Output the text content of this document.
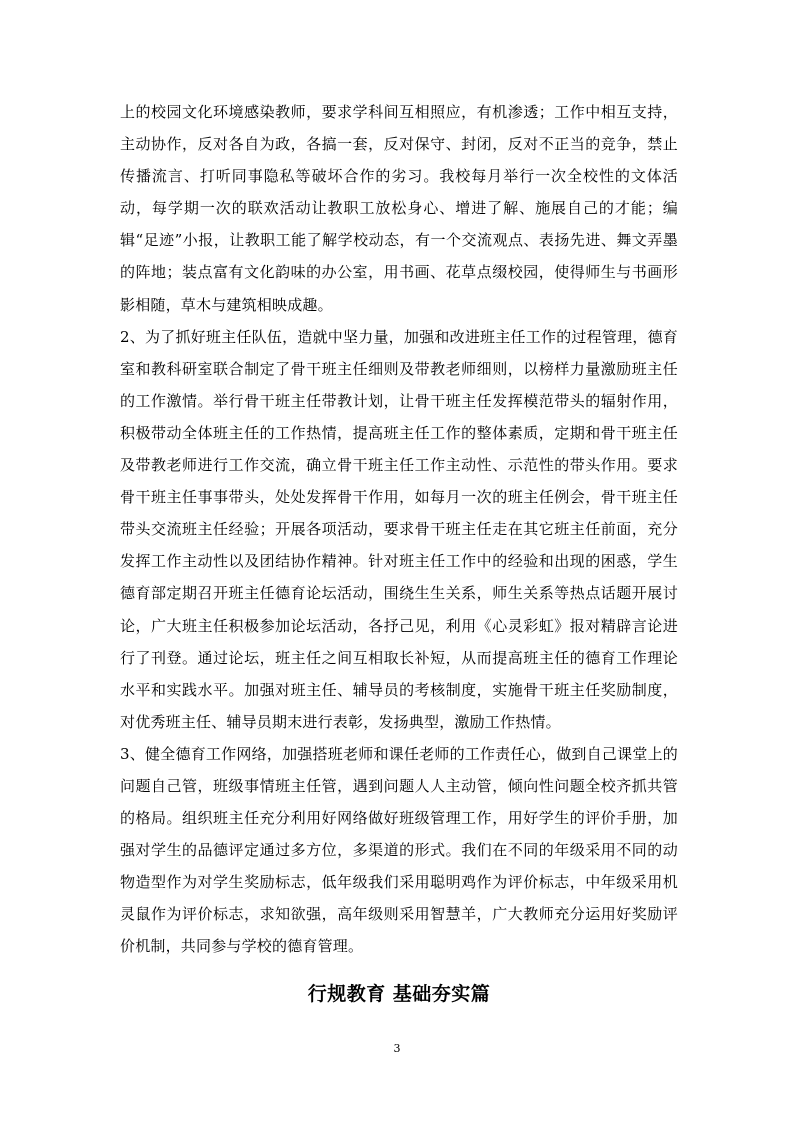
上的校园文化环境感染教师，要求学科间互相照应，有机渗透；工作中相互支持，主动协作，反对各自为政，各搞一套，反对保守、封闭，反对不正当的竞争，禁止传播流言、打听同事隐私等破坏合作的劣习。我校每月举行一次全校性的文体活动，每学期一次的联欢活动让教职工放松身心、增进了解、施展自己的才能；编辑“足迹”小报，让教职工能了解学校动态，有一个交流观点、表扬先进、舞文弄墨的阵地；装点富有文化韵味的办公室，用书画、花草点缀校园，使得师生与书画形影相随，草木与建筑相映成趣。

2、为了抓好班主任队伍，造就中坚力量，加强和改进班主任工作的过程管理，德育室和教科研室联合制定了骨干班主任细则及带教老师细则，以榜样力量激励班主任的工作激情。举行骨干班主任带教计划，让骨干班主任发挥模范带头的辐射作用，积极带动全体班主任的工作热情，提高班主任工作的整体素质，定期和骨干班主任及带教老师进行工作交流，确立骨干班主任工作主动性、示范性的带头作用。要求骨干班主任事事带头，处处发挥骨干作用，如每月一次的班主任例会，骨干班主任带头交流班主任经验；开展各项活动，要求骨干班主任走在其它班主任前面，充分发挥工作主动性以及团结协作精神。针对班主任工作中的经验和出现的困惑，学生德育部定期召开班主任德育论坛活动，围绕生生关系，师生关系等热点话题开展讨论，广大班主任积极参加论坛活动，各抒己见，利用《心灵彩虹》报对精辟言论进行了刊登。通过论坛，班主任之间互相取长补短，从而提高班主任的德育工作理论水平和实践水平。加强对班主任、辅导员的考核制度，实施骨干班主任奖励制度，对优秀班主任、辅导员期末进行表彰，发扬典型，激励工作热情。

3、健全德育工作网络，加强搭班老师和课任老师的工作责任心，做到自己课堂上的问题自己管，班级事情班主任管，遇到问题人人主动管，倾向性问题全校齐抓共管的格局。组织班主任充分利用好网络做好班级管理工作，用好学生的评价手册，加强对学生的品德评定通过多方位，多渠道的形式。我们在不同的年级采用不同的动物造型作为对学生奖励标志，低年级我们采用聪明鸡作为评价标志，中年级采用机灵鼠作为评价标志，求知欲强，高年级则采用智慧羊，广大教师充分运用好奖励评价机制，共同参与学校的德育管理。

行规教育 基础夯实篇
3
